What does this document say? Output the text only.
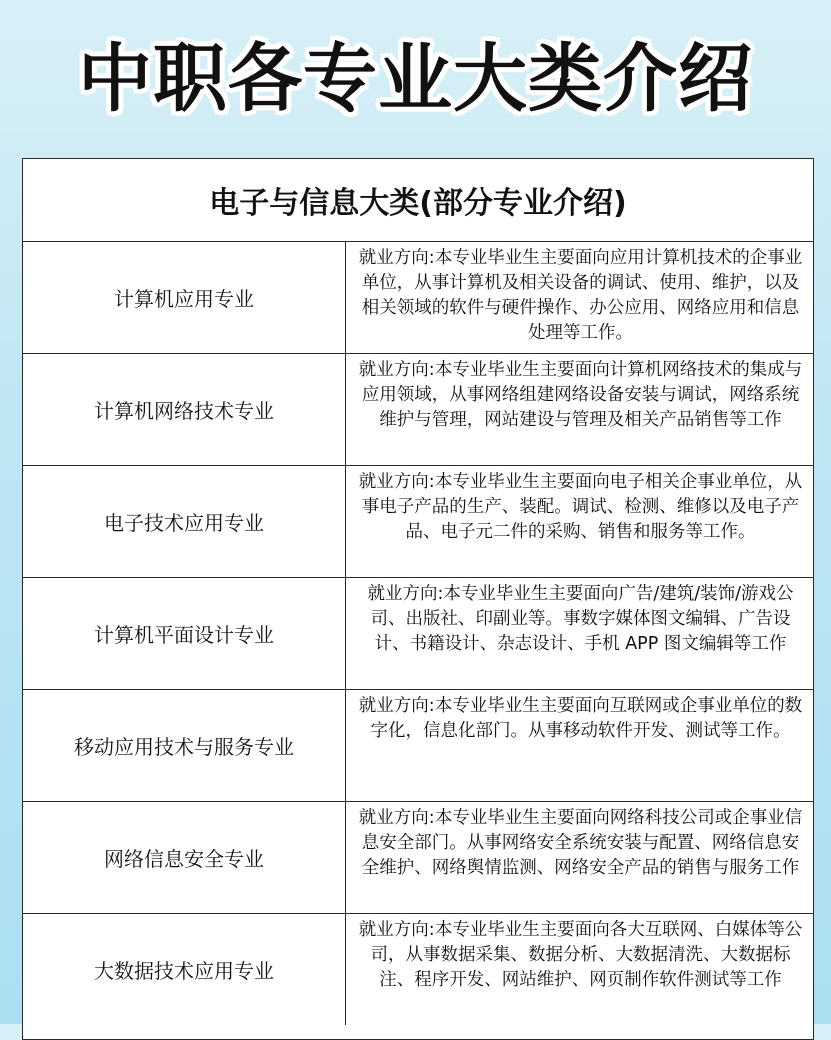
中职各专业大类介绍
电子与信息大类(部分专业介绍)
计算机应用专业
就业方向:本专业毕业生主要面向应用计算机技术的企事业单位，从事计算机及相关设备的调试、使用、维护，以及相关领域的软件与硬件操作、办公应用、网络应用和信息处理等工作。
计算机网络技术专业
就业方向:本专业毕业生主要面向计算机网络技术的集成与应用领域，从事网络组建网络设备安装与调试，网络系统维护与管理，网站建设与管理及相关产品销售等工作
电子技术应用专业
就业方向:本专业毕业生主要面向电子相关企事业单位，从事电子产品的生产、装配。调试、检测、维修以及电子产品、电子元二件的采购、销售和服务等工作。
计算机平面设计专业
就业方向:本专业毕业生主要面向广告/建筑/装饰/游戏公司、出版社、印副业等。事数字媒体图文编辑、广告设计、书籍设计、杂志设计、手机 APP 图文编辑等工作
移动应用技术与服务专业
就业方向:本专业毕业生主要面向互联网或企事业单位的数字化，信息化部门。从事移动软件开发、测试等工作。
网络信息安全专业
就业方向:本专业毕业生主要面向网络科技公司或企事业信息安全部门。从事网络安全系统安装与配置、网络信息安全维护、网络舆情监测、网络安全产品的销售与服务工作
大数据技术应用专业
就业方向:本专业毕业生主要面向各大互联网、白媒体等公司，从事数据采集、数据分析、大数据清洗、大数据标注、程序开发、网站维护、网页制作软件测试等工作
